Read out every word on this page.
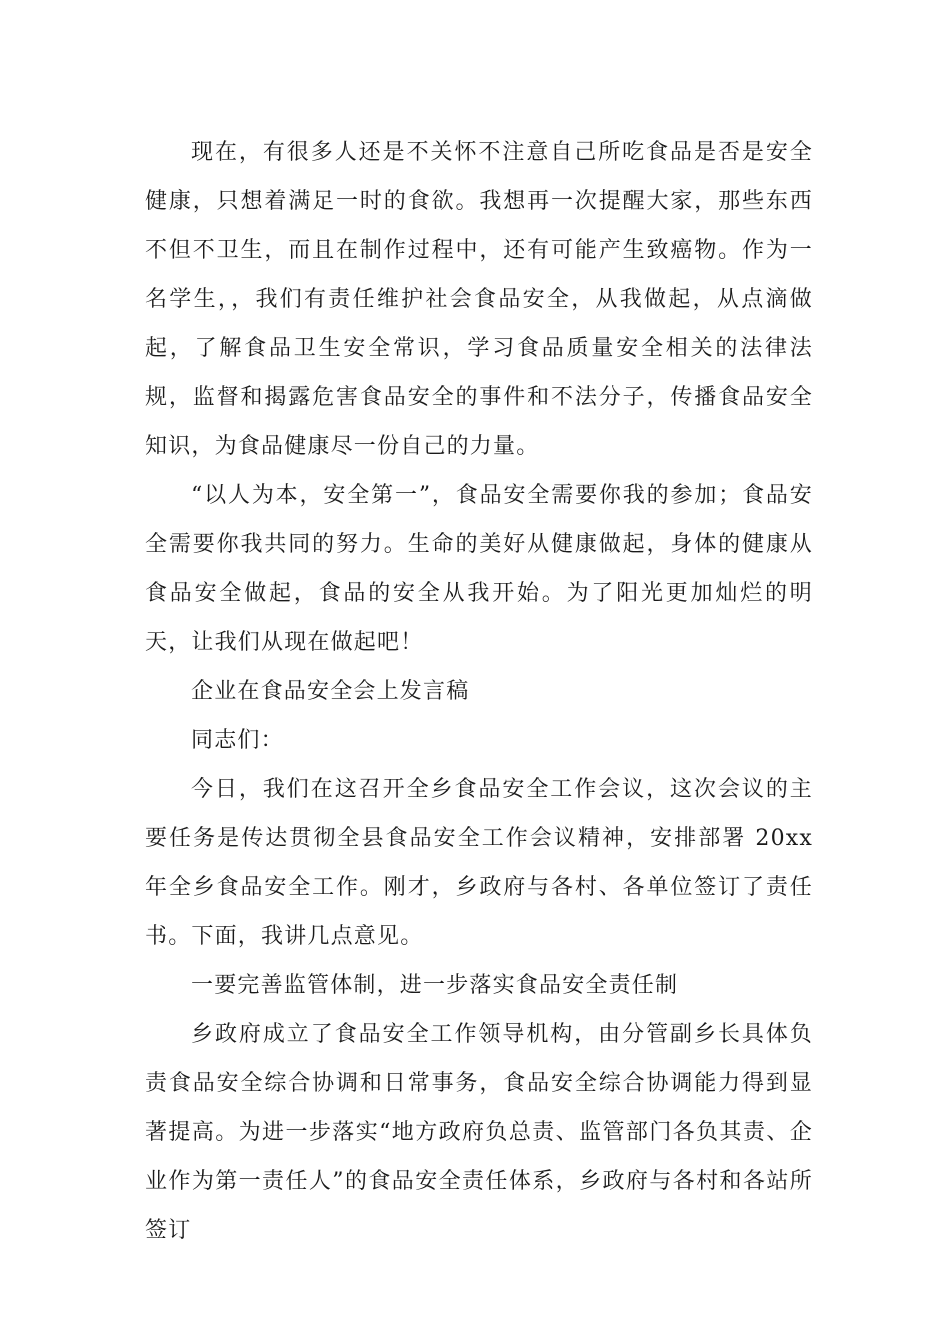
现在，有很多人还是不关怀不注意自己所吃食品是否是安全健康，只想着满足一时的食欲。我想再一次提醒大家，那些东西不但不卫生，而且在制作过程中，还有可能产生致癌物。作为一名学生，，我们有责任维护社会食品安全，从我做起，从点滴做起，了解食品卫生安全常识，学习食品质量安全相关的法律法规，监督和揭露危害食品安全的事件和不法分子，传播食品安全知识，为食品健康尽一份自己的力量。

“以人为本，安全第一”，食品安全需要你我的参加；食品安全需要你我共同的努力。生命的美好从健康做起，身体的健康从食品安全做起，食品的安全从我开始。为了阳光更加灿烂的明天，让我们从现在做起吧！

企业在食品安全会上发言稿

同志们：

今日，我们在这召开全乡食品安全工作会议，这次会议的主要任务是传达贯彻全县食品安全工作会议精神，安排部署 20xx 年全乡食品安全工作。刚才，乡政府与各村、各单位签订了责任书。下面，我讲几点意见。

一要完善监管体制，进一步落实食品安全责任制

乡政府成立了食品安全工作领导机构，由分管副乡长具体负责食品安全综合协调和日常事务，食品安全综合协调能力得到显著提高。为进一步落实“地方政府负总责、监管部门各负其责、企业作为第一责任人”的食品安全责任体系，乡政府与各村和各站所签订
